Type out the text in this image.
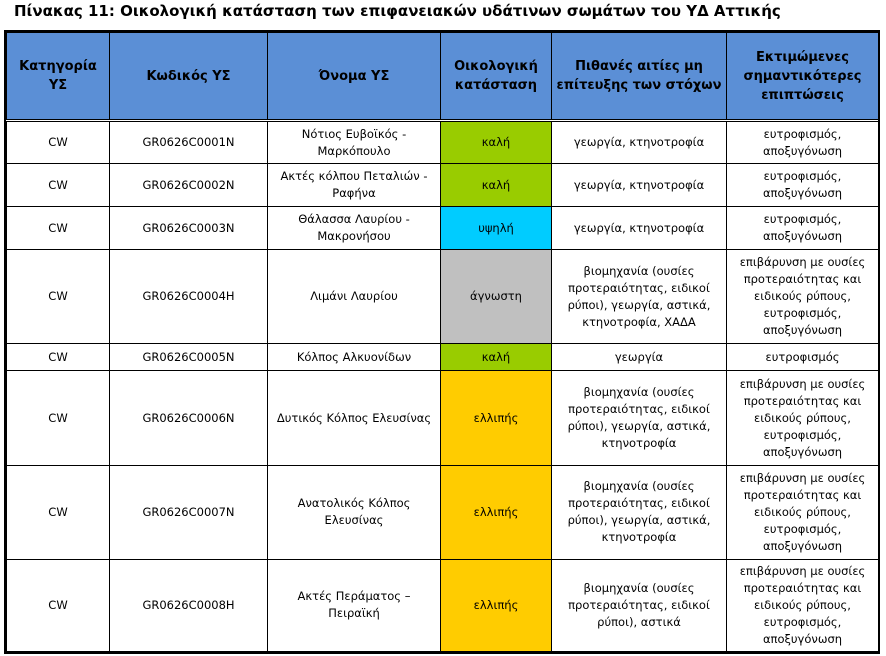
Πίνακας 11: Οικολογική κατάσταση των επιφανειακών υδάτινων σωμάτων του ΥΔ Αττικής
Κατηγορία ΥΣ	Κωδικός ΥΣ	Όνομα ΥΣ	Οικολογική κατάσταση	Πιθανές αιτίες μη επίτευξης των στόχων	Εκτιμώμενες σημαντικότερες επιπτώσεις
CW	GR0626C0001N	Νότιος Ευβοϊκός - Μαρκόπουλο	καλή	γεωργία, κτηνοτροφία	ευτροφισμός, αποξυγόνωση
CW	GR0626C0002N	Ακτές κόλπου Πεταλιών - Ραφήνα	καλή	γεωργία, κτηνοτροφία	ευτροφισμός, αποξυγόνωση
CW	GR0626C0003N	Θάλασσα Λαυρίου - Μακρονήσου	υψηλή	γεωργία, κτηνοτροφία	ευτροφισμός, αποξυγόνωση
CW	GR0626C0004H	Λιμάνι Λαυρίου	άγνωστη	βιομηχανία (ουσίες προτεραιότητας, ειδικοί ρύποι), γεωργία, αστικά, κτηνοτροφία, ΧΑΔΑ	επιβάρυνση με ουσίες προτεραιότητας και ειδικούς ρύπους, ευτροφισμός, αποξυγόνωση
CW	GR0626C0005N	Κόλπος Αλκυονίδων	καλή	γεωργία	ευτροφισμός
CW	GR0626C0006N	Δυτικός Κόλπος Ελευσίνας	ελλιπής	βιομηχανία (ουσίες προτεραιότητας, ειδικοί ρύποι), γεωργία, αστικά, κτηνοτροφία	επιβάρυνση με ουσίες προτεραιότητας και ειδικούς ρύπους, ευτροφισμός, αποξυγόνωση
CW	GR0626C0007N	Ανατολικός Κόλπος Ελευσίνας	ελλιπής	βιομηχανία (ουσίες προτεραιότητας, ειδικοί ρύποι), γεωργία, αστικά, κτηνοτροφία	επιβάρυνση με ουσίες προτεραιότητας και ειδικούς ρύπους, ευτροφισμός, αποξυγόνωση
CW	GR0626C0008H	Ακτές Περάματος – Πειραϊκή	ελλιπής	βιομηχανία (ουσίες προτεραιότητας, ειδικοί ρύποι), αστικά	επιβάρυνση με ουσίες προτεραιότητας και ειδικούς ρύπους, ευτροφισμός, αποξυγόνωση
